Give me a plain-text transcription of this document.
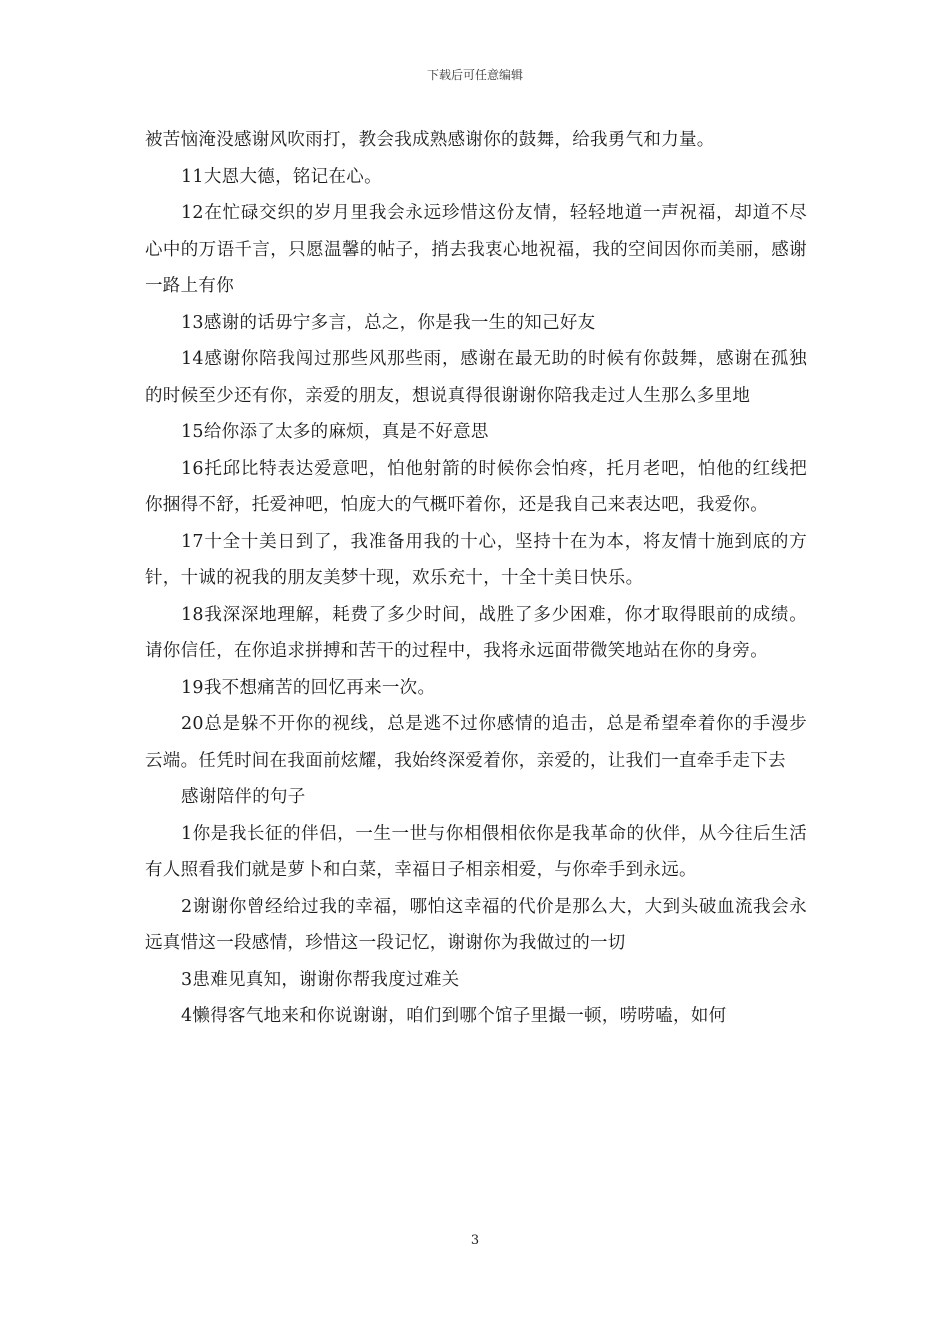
下载后可任意编辑

被苦恼淹没感谢风吹雨打，教会我成熟感谢你的鼓舞，给我勇气和力量。

11大恩大德，铭记在心。

12在忙碌交织的岁月里我会永远珍惜这份友情，轻轻地道一声祝福，却道不尽心中的万语千言，只愿温馨的帖子，捎去我衷心地祝福，我的空间因你而美丽，感谢一路上有你

13感谢的话毋宁多言，总之，你是我一生的知己好友

14感谢你陪我闯过那些风那些雨，感谢在最无助的时候有你鼓舞，感谢在孤独的时候至少还有你，亲爱的朋友，想说真得很谢谢你陪我走过人生那么多里地

15给你添了太多的麻烦，真是不好意思

16托邱比特表达爱意吧，怕他射箭的时候你会怕疼，托月老吧，怕他的红线把你捆得不舒，托爱神吧，怕庞大的气概吓着你，还是我自己来表达吧，我爱你。

17十全十美日到了，我准备用我的十心，坚持十在为本，将友情十施到底的方针，十诚的祝我的朋友美梦十现，欢乐充十，十全十美日快乐。

18我深深地理解，耗费了多少时间，战胜了多少困难，你才取得眼前的成绩。请你信任，在你追求拼搏和苦干的过程中，我将永远面带微笑地站在你的身旁。

19我不想痛苦的回忆再来一次。

20总是躲不开你的视线，总是逃不过你感情的追击，总是希望牵着你的手漫步云端。任凭时间在我面前炫耀，我始终深爱着你，亲爱的，让我们一直牵手走下去

感谢陪伴的句子

1你是我长征的伴侣，一生一世与你相偎相依你是我革命的伙伴，从今往后生活有人照看我们就是萝卜和白菜，幸福日子相亲相爱，与你牵手到永远。

2谢谢你曾经给过我的幸福，哪怕这幸福的代价是那么大，大到头破血流我会永远真惜这一段感情，珍惜这一段记忆，谢谢你为我做过的一切

3患难见真知，谢谢你帮我度过难关

4懒得客气地来和你说谢谢，咱们到哪个馆子里撮一顿，唠唠嗑，如何

3
